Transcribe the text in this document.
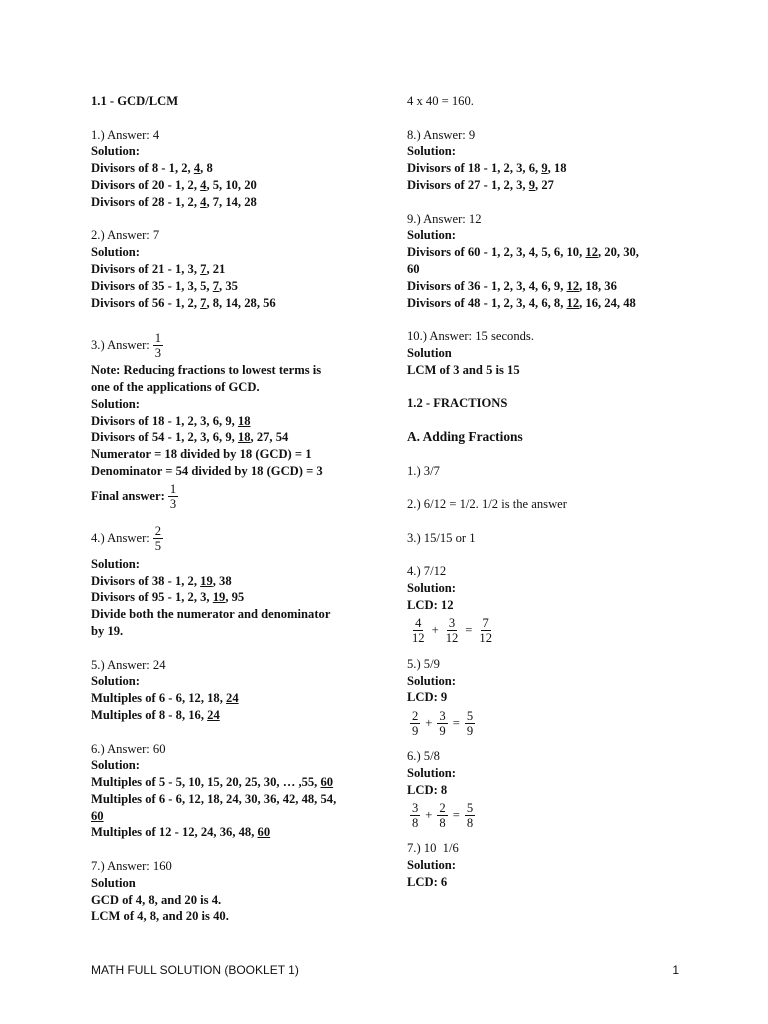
1.1 - GCD/LCM
1.) Answer: 4
Solution:
Divisors of 8 - 1, 2, 4, 8
Divisors of 20 - 1, 2, 4, 5, 10, 20
Divisors of 28 - 1, 2, 4, 7, 14, 28
2.) Answer: 7
Solution:
Divisors of 21 - 1, 3, 7, 21
Divisors of 35 - 1, 3, 5, 7, 35
Divisors of 56 - 1, 2, 7, 8, 14, 28, 56
3.) Answer: $\frac{1}{3}$
Note: Reducing fractions to lowest terms is
one of the applications of GCD.
Solution:
Divisors of 18 - 1, 2, 3, 6, 9, 18
Divisors of 54 - 1, 2, 3, 6, 9, 18, 27, 54
Numerator = 18 divided by 18 (GCD) = 1
Denominator = 54 divided by 18 (GCD) = 3
Final answer: $\frac{1}{3}$
4.) Answer: $\frac{2}{5}$
Solution:
Divisors of 38 - 1, 2, 19, 38
Divisors of 95 - 1, 2, 3, 19, 95
Divide both the numerator and denominator
by 19.
5.) Answer: 24
Solution:
Multiples of 6 - 6, 12, 18, 24
Multiples of 8 - 8, 16, 24
6.) Answer: 60
Solution:
Multiples of 5 - 5, 10, 15, 20, 25, 30, … ,55, 60
Multiples of 6 - 6, 12, 18, 24, 30, 36, 42, 48, 54,
60
Multiples of 12 - 12, 24, 36, 48, 60
7.) Answer: 160
Solution
GCD of 4, 8, and 20 is 4.
LCM of 4, 8, and 20 is 40.
4 x 40 = 160.
8.) Answer: 9
Solution:
Divisors of 18 - 1, 2, 3, 6, 9, 18
Divisors of 27 - 1, 2, 3, 9, 27
9.) Answer: 12
Solution:
Divisors of 60 - 1, 2, 3, 4, 5, 6, 10, 12, 20, 30,
60
Divisors of 36 - 1, 2, 3, 4, 6, 9, 12, 18, 36
Divisors of 48 - 1, 2, 3, 4, 6, 8, 12, 16, 24, 48
10.) Answer: 15 seconds.
Solution
LCM of 3 and 5 is 15
1.2 - FRACTIONS
A. Adding Fractions
1.) 3/7
2.) 6/12 = 1/2. 1/2 is the answer
3.) 15/15 or 1
4.) 7/12
Solution:
LCD: 12
$\frac{4}{12} + \frac{3}{12} = \frac{7}{12}$
5.) 5/9
Solution:
LCD: 9
$\frac{2}{9} + \frac{3}{9} = \frac{5}{9}$
6.) 5/8
Solution:
LCD: 8
$\frac{3}{8} + \frac{2}{8} = \frac{5}{8}$
7.) 10  1/6
Solution:
LCD: 6
MATH FULL SOLUTION (BOOKLET 1)	1
